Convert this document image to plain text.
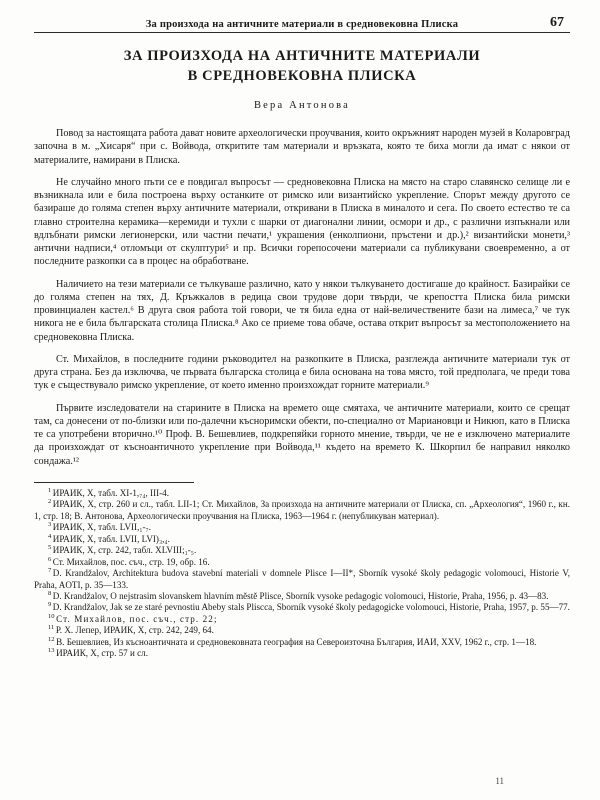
За произхода на античните материали в средновековна Плиска	67
ЗА ПРОИЗХОДА НА АНТИЧНИТЕ МАТЕРИАЛИ
В СРЕДНОВЕКОВНА ПЛИСКА
Вера Антонова

Повод за настоящата работа дават новите археологически проучвания, които окръжният народен музей в Коларовград започна в м. „Хисаря“ при с. Войвода, откритите там материали и връзката, която те биха могли да имат с някои от материалите, намирани в Плиска.

Не случайно много пъти се е повдигал въпросът — средновековна Плиска на място на старо славянско селище ли е възникнала или е била построена върху останките от римско или византийско укрепление. Спорът между другото се базираше до голяма степен върху античните материали, откривани в Плиска в миналото и сега. По своето естество те са главно строителна керамика—керемиди и тухли с шарки от диагонални линии, осмори и др., с различни изпъкнали или вдлъбнати римски легионерски, или частни печати,¹ украшения (енколпиони, пръстени и др.),² византийски монети,³ антични надписи,⁴ отломъци от скулптури⁵ и пр. Всички горепосочени материали са публикувани своевременно, а от последните разкопки са в процес на обработване.

Наличието на тези материали се тълкуваше различно, като у някои тълкуването достигаше до крайност. Базирайки се до голяма степен на тях, Д. Кръжкалов в редица свои трудове дори твърди, че крепостта Плиска била римски провинциален кастел.⁶ В друга своя работа той говори, че тя била една от най-величествените бази на лимеса,⁷ че тук никога не е била българската столица Плиска.⁸ Ако се приеме това обаче, остава открит въпросът за местоположението на средновековна Плиска.

Ст. Михайлов, в последните години ръководител на разкопките в Плиска, разглежда античните материали тук от друга страна. Без да изключва, че първата българска столица е била основана на това място, той предполага, че преди това тук е съществувало римско укрепление, от което именно произхождат горните материали.⁹

Първите изследователи на старините в Плиска на времето още смятаха, че античните материали, които се срещат там, са донесени от по-близки или по-далечни късноримски обекти, по-специално от Мариановци и Никюп, като в Плиска те са употребени вторично.¹⁰ Проф. В. Бешевлиев, подкрепяйки горното мнение, твърди, че не е изключено материалите да произхождат от късноантичното укрепление при Войвода,¹¹ където на времето К. Шкорпил бе направил няколко сондажа.¹²

$^1$ ИРАИК, X, табл. XI-1,₇₄, III-4.

$^2$ ИРАИК, X, стр. 260 и сл., табл. LII-1; Ст. Михайлов, За произхода на античните материали от Плиска, сп. „Археология“, 1960 г., кн. 1, стр. 18; В. Антонова, Археологически проучвания на Плиска, 1963—1964 г. (непубликуван материал).

$^3$ ИРАИК, X, табл. LVII,₁-₇.

$^4$ ИРАИК, X, табл. LVII, LVI)₃,₄.

$^5$ ИРАИК, X, стр. 242, табл. XLVIII;₁-₅.

$^6$ Ст. Михайлов, пос. съч., стр. 19, обр. 16.

$^7$ D. Krandžalov, Architektura budova stavební materiali v domnele Plisce I—II*, Sborník vysoké školy pedagogic volomouci, Historie V, Praha, AOTI, p. 35—133.

$^8$ D. Krandžalov, O nejstrasim slovanskem hlavním městě Plisce, Sborník vysoke pedagogic volomouci, Historie, Praha, 1956, p. 43—83.

$^9$ D. Krandžalov, Jak se ze staré pevnostiu Abeby stals Pliscca, Sborník vysoké školy pedagogicke volomouci, Historie, Praha, 1957, p. 55—77.

$^{10}$ Ст. Михайлов, пос. съч., стр. 22;

$^{11}$ Р. Х. Лепер, ИРАИК, X, стр. 242, 249, 64.

$^{12}$ В. Бешевлиев, Из късноантичната и средновековната география на Североизточна България, ИАИ, XXV, 1962 г., стр. 1—18.

$^{13}$ ИРАИК, X, стр. 57 и сл.

11
